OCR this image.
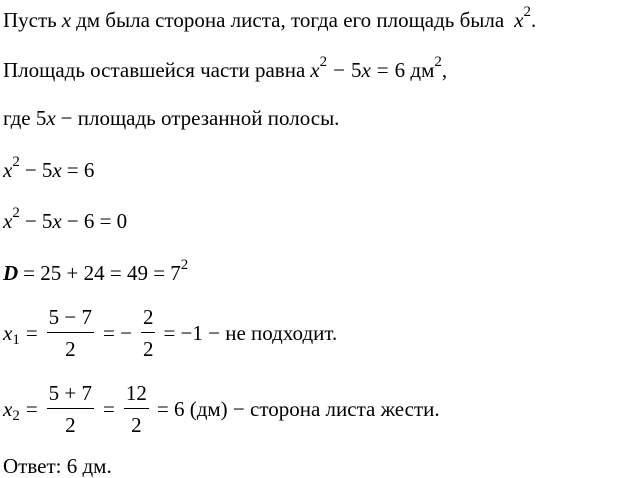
Пусть x дм была сторона листа, тогда его площадь была $x^2$ .
Площадь оставшейся части равна $x^2 - 5$ x = 6 $дм^2$ ,
где 5 x − площадь отрезанной полосы.
$x^2 - 5$ x = 6
$x^2 - 5$ x − 6 = 0
$D = 25 + 24 = 49 = 7^2$
$x_1 = \frac{5 - 7}{2}$ = − $\frac{2}{2} = -1$ − не подходит.
$x_2 = \frac{5 + 7}{2} = \frac{12}{2} = 6$ (дм) − сторона листа жести.
Ответ: 6 дм.
